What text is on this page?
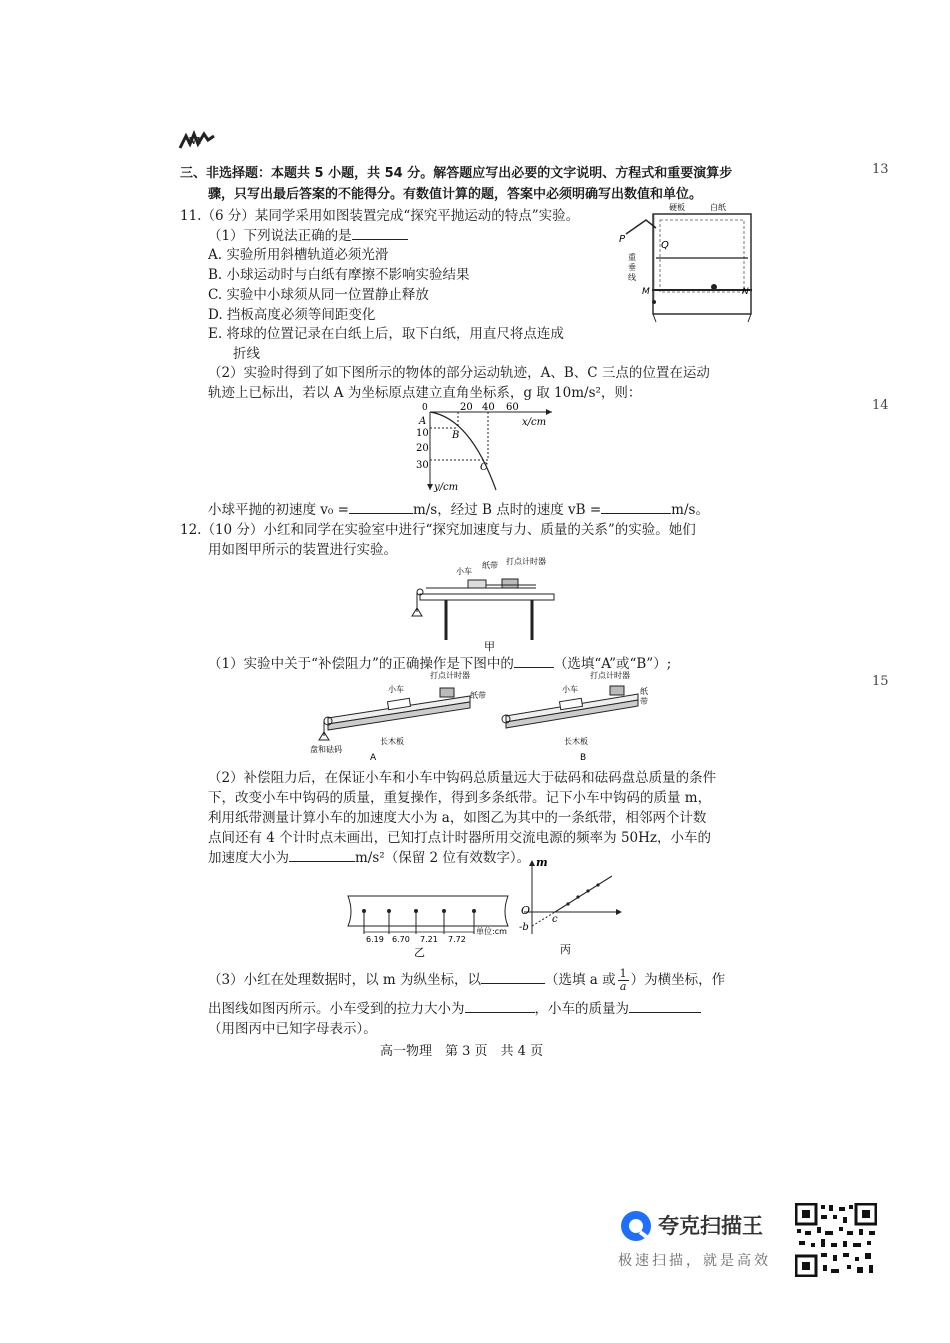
NY
13
14
15
三、非选择题：本题共 5 小题，共 54 分。解答题应写出必要的文字说明、方程式和重要演算步
骤，只写出最后答案的不能得分。有数值计算的题，答案中必须明确写出数值和单位。
11.（6 分）某同学采用如图装置完成“探究平抛运动的特点”实验。
（1）下列说法正确的是
A. 实验所用斜槽轨道必须光滑
B. 小球运动时与白纸有摩擦不影响实验结果
C. 实验中小球须从同一位置静止释放
D. 挡板高度必须等间距变化
E. 将球的位置记录在白纸上后，取下白纸，用直尺将点连成
折线
硬板	白纸
P
Q
重
垂
线
M	N
（2）实验时得到了如下图所示的物体的部分运动轨迹，A、B、C 三点的位置在运动
轨迹上已标出，若以 A 为坐标原点建立直角坐标系，g 取 10m/s²，则：
0	20 40 60
x/cm
10
20
30
y/cm
A
B
C
小球平抛的初速度 v₀ =	m/s，经过 B 点时的速度 vB =	m/s。
12.（10 分）小红和同学在实验室中进行“探究加速度与力、质量的关系”的实验。她们
用如图甲所示的装置进行实验。
小车
纸带 打点计时器
甲
（1）实验中关于“补偿阻力”的正确操作是下图中的	（选填“A”或“B”）;
小车
打点计时器
纸带
长木板
盘和砝码
A
小车
打点计时器
纸
带
长木板
B
（2）补偿阻力后，在保证小车和小车中钩码总质量远大于砝码和砝码盘总质量的条件
下，改变小车中钩码的质量，重复操作，得到多条纸带。记下小车中钩码的质量 m，
利用纸带测量计算小车的加速度大小为 a，如图乙为其中的一条纸带，相邻两个计数
点间还有 4 个计时点未画出，已知打点计时器所用交流电源的频率为 50Hz，小车的
加速度大小为	m/s²（保留 2 位有效数字）。
6.19 6.70 7.21 7.72
单位:cm
乙
m
O
-b
c
丙
（3）小红在处理数据时，以 m 为纵坐标，以	（选填 a 或 $\frac{1}{a}$ ）为横坐标，作
出图线如图丙所示。小车受到的拉力大小为	，小车的质量为
（用图丙中已知字母表示）。
高一物理　第 3 页　共 4 页
夸克扫描王
极速扫描，就是高效
